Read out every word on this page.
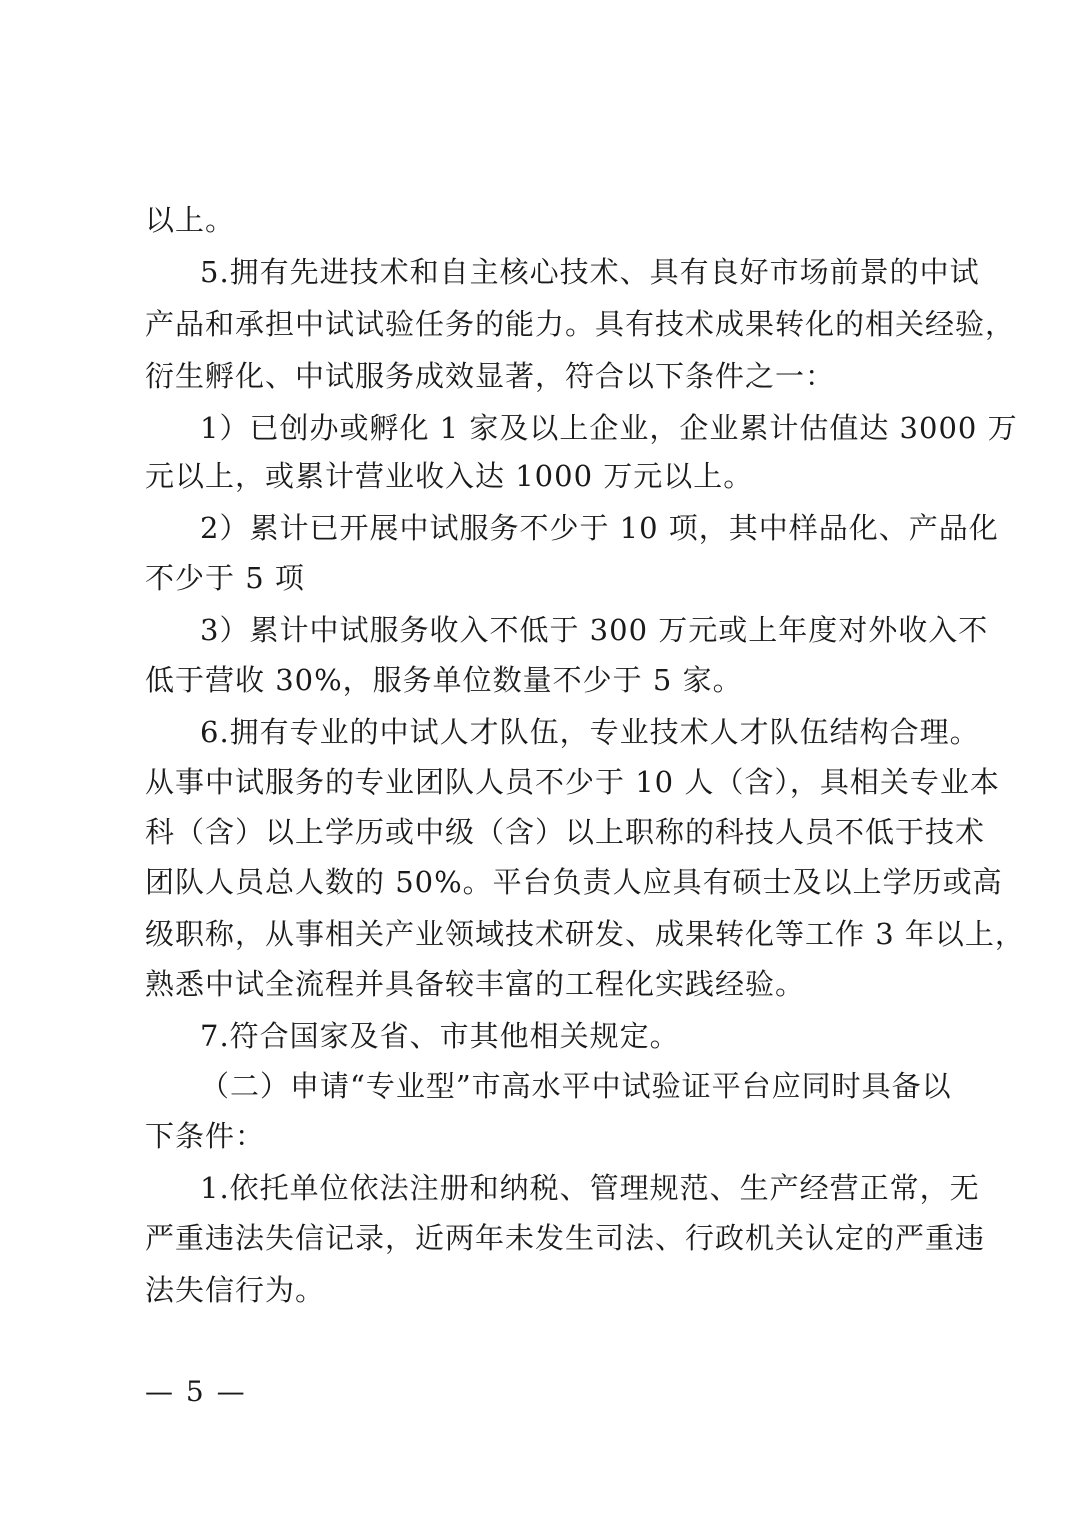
以上。
5.拥有先进技术和自主核心技术、具有良好市场前景的中试
产品和承担中试试验任务的能力。具有技术成果转化的相关经验，
衍生孵化、中试服务成效显著，符合以下条件之一：
1）已创办或孵化 1 家及以上企业，企业累计估值达 3000 万
元以上，或累计营业收入达 1000 万元以上。
2）累计已开展中试服务不少于 10 项，其中样品化、产品化
不少于 5 项
3）累计中试服务收入不低于 300 万元或上年度对外收入不
低于营收 30%，服务单位数量不少于 5 家。
6.拥有专业的中试人才队伍，专业技术人才队伍结构合理。
从事中试服务的专业团队人员不少于 10 人（含），具相关专业本
科（含）以上学历或中级（含）以上职称的科技人员不低于技术
团队人员总人数的 50%。平台负责人应具有硕士及以上学历或高
级职称，从事相关产业领域技术研发、成果转化等工作 3 年以上，
熟悉中试全流程并具备较丰富的工程化实践经验。
7.符合国家及省、市其他相关规定。
（二）申请“专业型”市高水平中试验证平台应同时具备以
下条件：
1.依托单位依法注册和纳税、管理规范、生产经营正常，无
严重违法失信记录，近两年未发生司法、行政机关认定的严重违
法失信行为。
— 5 —
